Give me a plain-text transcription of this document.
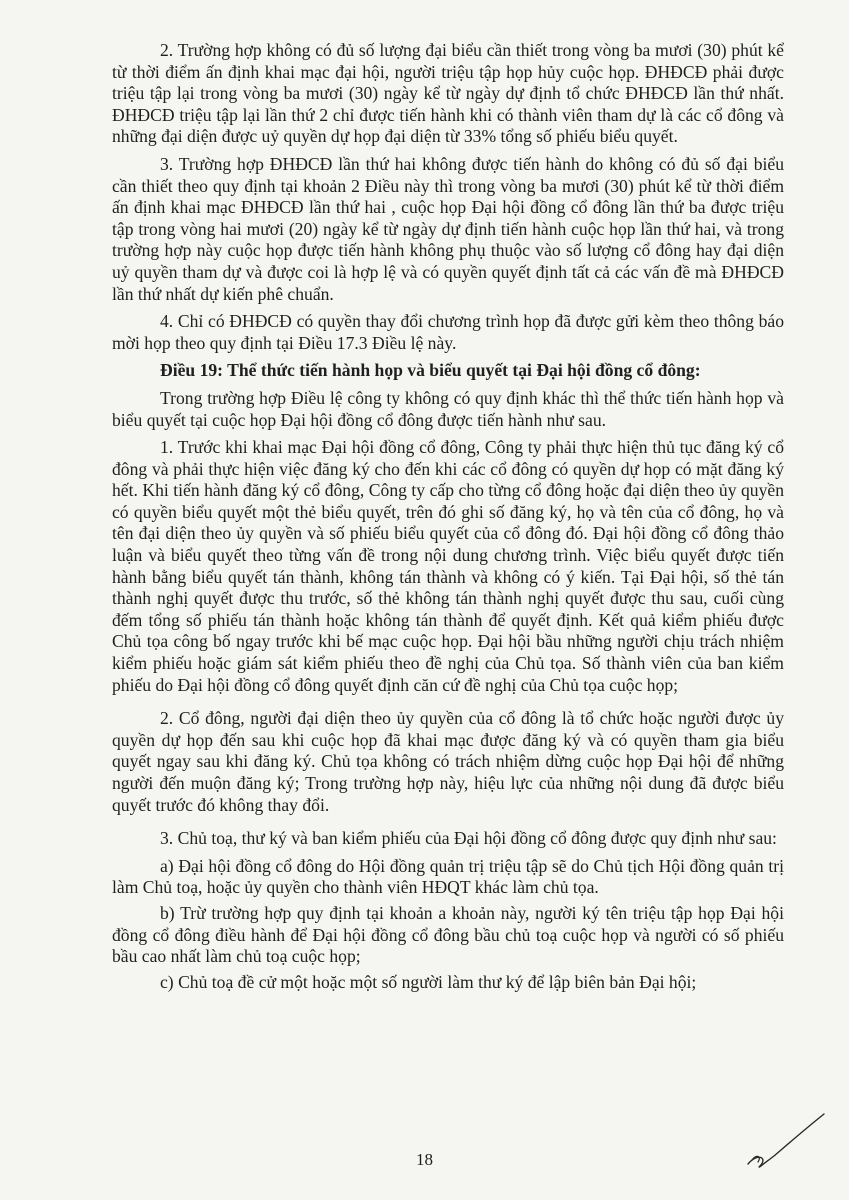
2. Trường hợp không có đủ số lượng đại biểu cần thiết trong vòng ba mươi (30) phút kể từ thời điểm ấn định khai mạc đại hội, người triệu tập họp hủy cuộc họp. ĐHĐCĐ phải được triệu tập lại trong vòng ba mươi (30) ngày kể từ ngày dự định tổ chức ĐHĐCĐ lần thứ nhất. ĐHĐCĐ triệu tập lại lần thứ 2 chỉ được tiến hành khi có thành viên tham dự là các cổ đông và những đại diện được uỷ quyền dự họp đại diện từ 33% tổng số phiếu biểu quyết.

3. Trường hợp ĐHĐCĐ lần thứ hai không được tiến hành do không có đủ số đại biểu cần thiết theo quy định tại khoản 2 Điều này thì trong vòng ba mươi (30) phút kể từ thời điểm ấn định khai mạc ĐHĐCĐ lần thứ hai , cuộc họp Đại hội đồng cổ đông lần thứ ba được triệu tập trong vòng hai mươi (20) ngày kể từ ngày dự định tiến hành cuộc họp lần thứ hai, và trong trường hợp này cuộc họp được tiến hành không phụ thuộc vào số lượng cổ đông hay đại diện uỷ quyền tham dự và được coi là hợp lệ và có quyền quyết định tất cả các vấn đề mà ĐHĐCĐ lần thứ nhất dự kiến phê chuẩn.

4. Chỉ có ĐHĐCĐ có quyền thay đổi chương trình họp đã được gửi kèm theo thông báo mời họp theo quy định tại Điều 17.3 Điều lệ này.

Điều 19: Thể thức tiến hành họp và biểu quyết tại Đại hội đồng cổ đông:

Trong trường hợp Điều lệ công ty không có quy định khác thì thể thức tiến hành họp và biểu quyết tại cuộc họp Đại hội đồng cổ đông được tiến hành như sau.

1. Trước khi khai mạc Đại hội đồng cổ đông, Công ty phải thực hiện thủ tục đăng ký cổ đông và phải thực hiện việc đăng ký cho đến khi các cổ đông có quyền dự họp có mặt đăng ký hết. Khi tiến hành đăng ký cổ đông, Công ty cấp cho từng cổ đông hoặc đại diện theo ủy quyền có quyền biểu quyết một thẻ biểu quyết, trên đó ghi số đăng ký, họ và tên của cổ đông, họ và tên đại diện theo ủy quyền và số phiếu biểu quyết của cổ đông đó. Đại hội đồng cổ đông thảo luận và biểu quyết theo từng vấn đề trong nội dung chương trình. Việc biểu quyết được tiến hành bằng biểu quyết tán thành, không tán thành và không có ý kiến. Tại Đại hội, số thẻ tán thành nghị quyết được thu trước, số thẻ không tán thành nghị quyết được thu sau, cuối cùng đếm tổng số phiếu tán thành hoặc không tán thành để quyết định. Kết quả kiểm phiếu được Chủ tọa công bố ngay trước khi bế mạc cuộc họp. Đại hội bầu những người chịu trách nhiệm kiểm phiếu hoặc giám sát kiểm phiếu theo đề nghị của Chủ tọa. Số thành viên của ban kiểm phiếu do Đại hội đồng cổ đông quyết định căn cứ đề nghị của Chủ tọa cuộc họp;

2. Cổ đông, người đại diện theo ủy quyền của cổ đông là tổ chức hoặc người được ủy quyền dự họp đến sau khi cuộc họp đã khai mạc được đăng ký và có quyền tham gia biểu quyết ngay sau khi đăng ký. Chủ tọa không có trách nhiệm dừng cuộc họp Đại hội để những người đến muộn đăng ký; Trong trường hợp này, hiệu lực của những nội dung đã được biểu quyết trước đó không thay đổi.

3. Chủ toạ, thư ký và ban kiểm phiếu của Đại hội đồng cổ đông được quy định như sau:

a) Đại hội đồng cổ đông do Hội đồng quản trị triệu tập sẽ do Chủ tịch Hội đồng quản trị làm Chủ toạ, hoặc ủy quyền cho thành viên HĐQT khác làm chủ tọa.

b) Trừ trường hợp quy định tại khoản a khoản này, người ký tên triệu tập họp Đại hội đồng cổ đông điều hành để Đại hội đồng cổ đông bầu chủ toạ cuộc họp và người có số phiếu bầu cao nhất làm chủ toạ cuộc họp;

c) Chủ toạ đề cử một hoặc một số người làm thư ký để lập biên bản Đại hội;

18
